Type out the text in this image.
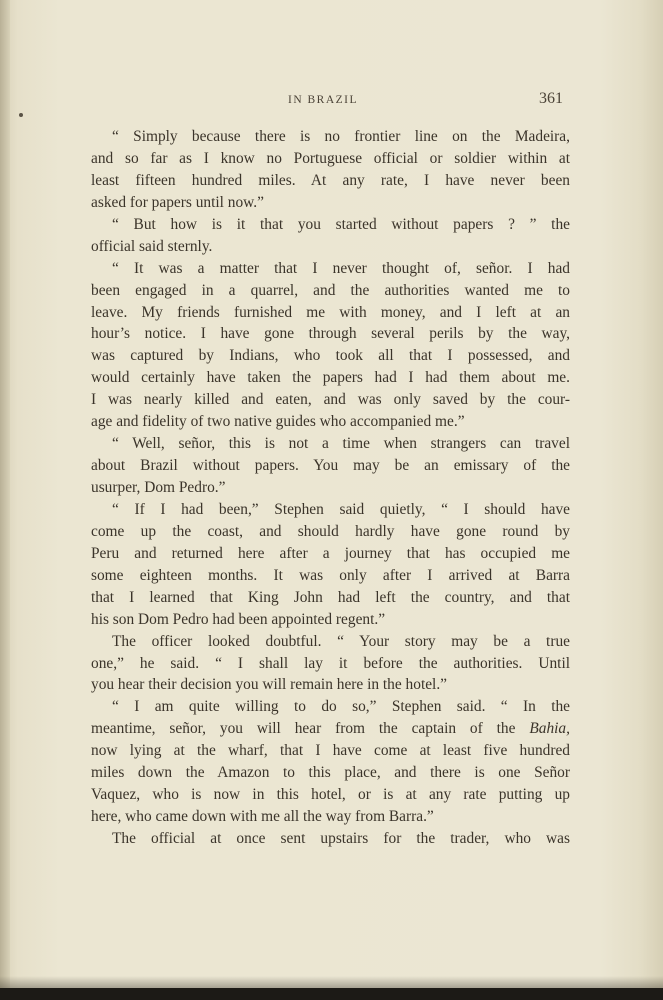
IN BRAZIL	361
“ Simply because there is no frontier line on the Madeira,
and so far as I know no Portuguese official or soldier within at
least fifteen hundred miles. At any rate, I have never been
asked for papers until now.”
“ But how is it that you started without papers ? ” the
official said sternly.
“ It was a matter that I never thought of, señor. I had
been engaged in a quarrel, and the authorities wanted me to
leave. My friends furnished me with money, and I left at an
hour’s notice. I have gone through several perils by the way,
was captured by Indians, who took all that I possessed, and
would certainly have taken the papers had I had them about me.
I was nearly killed and eaten, and was only saved by the cour-
age and fidelity of two native guides who accompanied me.”
“ Well, señor, this is not a time when strangers can travel
about Brazil without papers. You may be an emissary of the
usurper, Dom Pedro.”
“ If I had been,” Stephen said quietly, “ I should have
come up the coast, and should hardly have gone round by
Peru and returned here after a journey that has occupied me
some eighteen months. It was only after I arrived at Barra
that I learned that King John had left the country, and that
his son Dom Pedro had been appointed regent.”
The officer looked doubtful. “ Your story may be a true
one,” he said. “ I shall lay it before the authorities. Until
you hear their decision you will remain here in the hotel.”
“ I am quite willing to do so,” Stephen said. “ In the
meantime, señor, you will hear from the captain of the Bahia,
now lying at the wharf, that I have come at least five hundred
miles down the Amazon to this place, and there is one Señor
Vaquez, who is now in this hotel, or is at any rate putting up
here, who came down with me all the way from Barra.”
The official at once sent upstairs for the trader, who was
